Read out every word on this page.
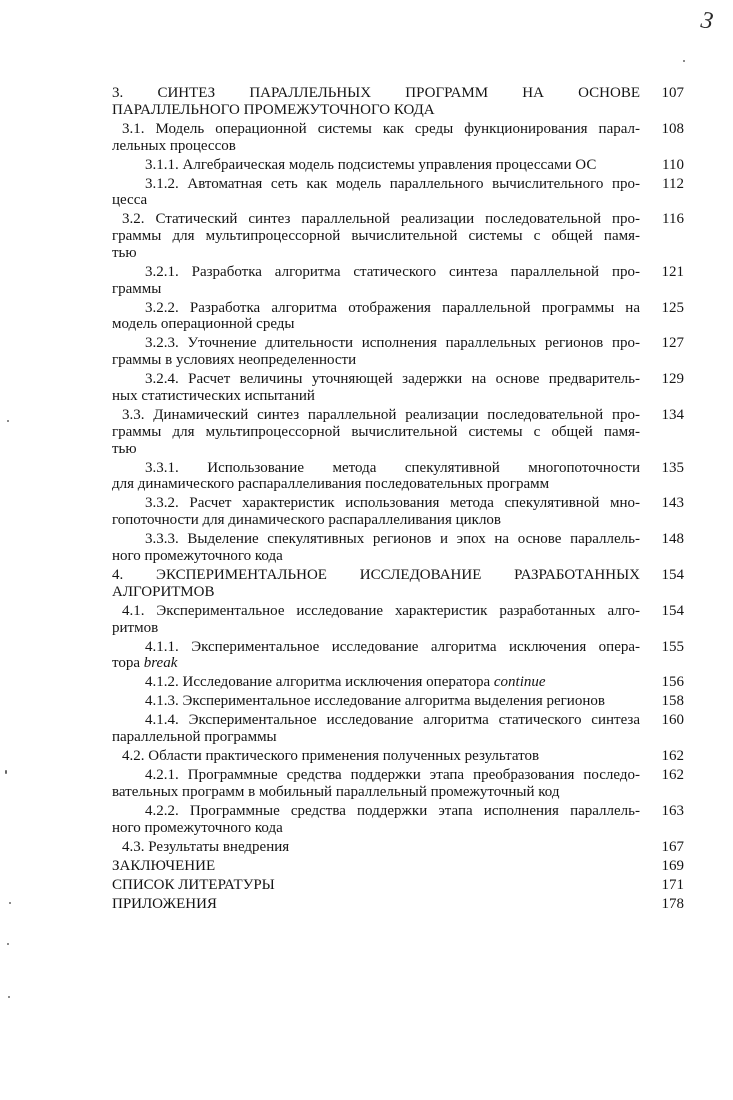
3
3. СИНТЕЗ ПАРАЛЛЕЛЬНЫХ ПРОГРАММ НА ОСНОВЕ
ПАРАЛЛЕЛЬНОГО ПРОМЕЖУТОЧНОГО КОДА
107
3.1. Модель операционной системы как среды функционирования парал-
лельных процессов
108
3.1.1. Алгебраическая модель подсистемы управления процессами ОС	110
3.1.2. Автоматная сеть как модель параллельного вычислительного про-
цесса
112
3.2. Статический синтез параллельной реализации последовательной про-
граммы для мультипроцессорной вычислительной системы с общей памя-
тью
116
3.2.1. Разработка алгоритма статического синтеза параллельной про-
граммы
121
3.2.2. Разработка алгоритма отображения параллельной программы на
модель операционной среды
125
3.2.3. Уточнение длительности исполнения параллельных регионов про-
граммы в условиях неопределенности
127
3.2.4. Расчет величины уточняющей задержки на основе предваритель-
ных статистических испытаний
129
3.3. Динамический синтез параллельной реализации последовательной про-
граммы для мультипроцессорной вычислительной системы с общей памя-
тью
134
3.3.1. Использование метода спекулятивной многопоточности
для динамического распараллеливания последовательных программ
135
3.3.2. Расчет характеристик использования метода спекулятивной мно-
гопоточности для динамического распараллеливания циклов
143
3.3.3. Выделение спекулятивных регионов и эпох на основе параллель-
ного промежуточного кода
148
4. ЭКСПЕРИМЕНТАЛЬНОЕ ИССЛЕДОВАНИЕ РАЗРАБОТАННЫХ
АЛГОРИТМОВ
154
4.1. Экспериментальное исследование характеристик разработанных алго-
ритмов
154
4.1.1. Экспериментальное исследование алгоритма исключения опера-
тора break
155
4.1.2. Исследование алгоритма исключения оператора continue	156
4.1.3. Экспериментальное исследование алгоритма выделения регионов	158
4.1.4. Экспериментальное исследование алгоритма статического синтеза
параллельной программы
160
4.2. Области практического применения полученных результатов	162
4.2.1. Программные средства поддержки этапа преобразования последо-
вательных программ в мобильный параллельный промежуточный код
162
4.2.2. Программные средства поддержки этапа исполнения параллель-
ного промежуточного кода
163
4.3. Результаты внедрения	167
ЗАКЛЮЧЕНИЕ	169
СПИСОК ЛИТЕРАТУРЫ	171
ПРИЛОЖЕНИЯ	178
